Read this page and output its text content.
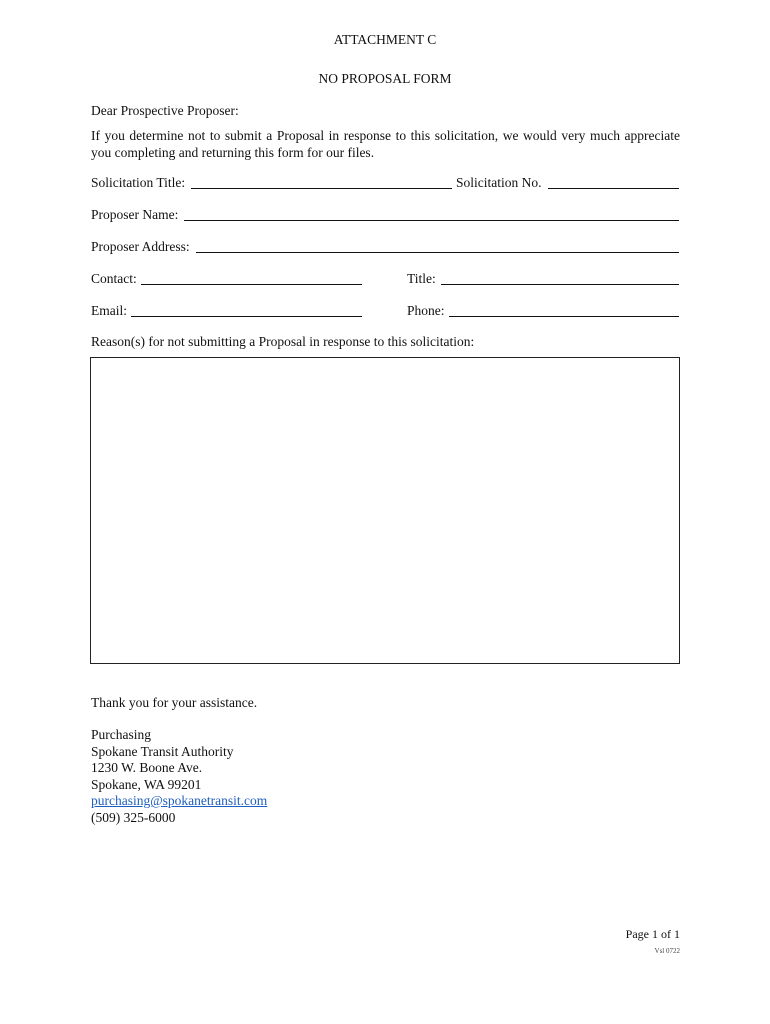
ATTACHMENT C
NO PROPOSAL FORM
Dear Prospective Proposer:
If you determine not to submit a Proposal in response to this solicitation, we would very much appreciate you completing and returning this form for our files.
Solicitation Title:	Solicitation No.
Proposer Name:
Proposer Address:
Contact:	Title:
Email:	Phone:
Reason(s) for not submitting a Proposal in response to this solicitation:
Thank you for your assistance.
Purchasing
Spokane Transit Authority
1230 W. Boone Ave.
Spokane, WA 99201
purchasing@spokanetransit.com
(509) 325-6000
Page 1 of 1
Vsl 0722
